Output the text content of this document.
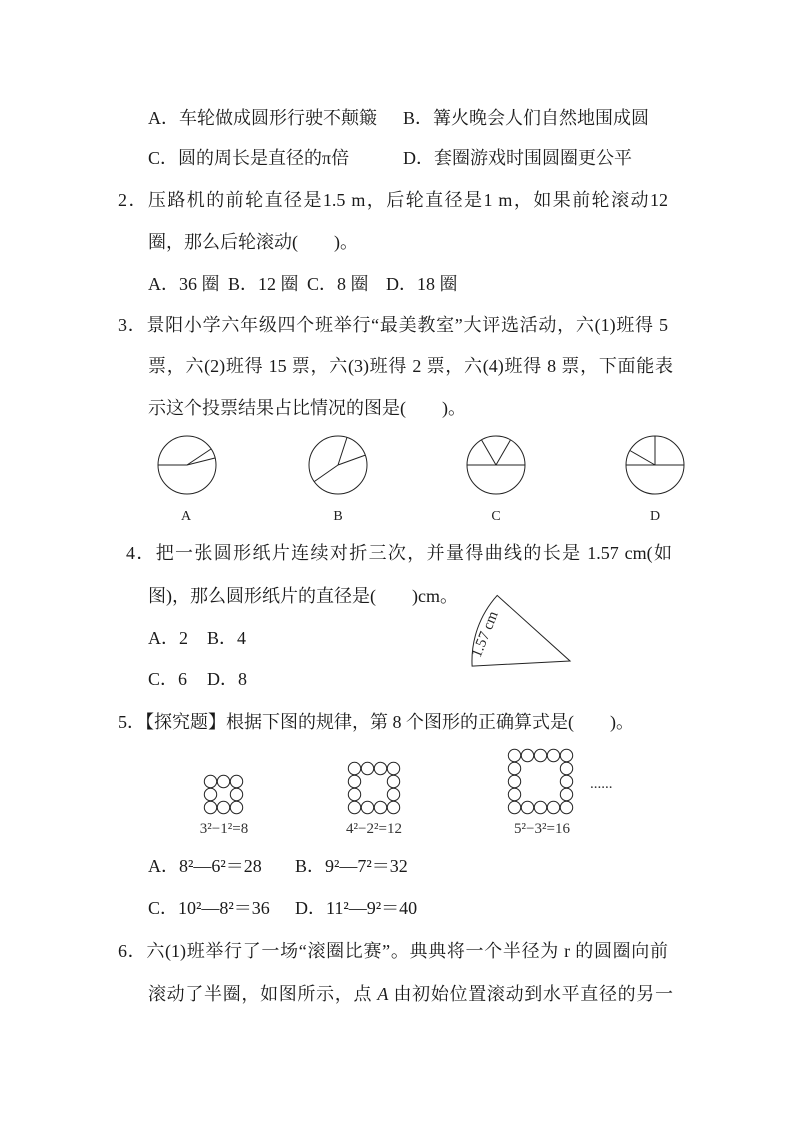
A．车轮做成圆形行驶不颠簸 B．篝火晚会人们自然地围成圆
C．圆的周长是直径的π倍	D．套圈游戏时围圆圈更公平
2．压路机的前轮直径是1.5 m，后轮直径是1 m，如果前轮滚动12
圈，那么后轮滚动(　　)。
A．36 圈 B．12 圈 C．8 圈 D．18 圈
3．景阳小学六年级四个班举行“最美教室”大评选活动，六(1)班得 5
票，六(2)班得 15 票，六(3)班得 2 票，六(4)班得 8 票，下面能表
示这个投票结果占比情况的图是(　　)。
4．把一张圆形纸片连续对折三次，并量得曲线的长是 1.57 cm(如
图)，那么圆形纸片的直径是(　　)cm。
A．2 B．4
C．6 D．8
5．【探究题】根据下图的规律，第 8 个图形的正确算式是(　　)。
3²−1²=8	4²−2²=12	5²−3²=16
......
A．8²—6²＝28 B．9²—7²＝32
C．10²—8²＝36 D．11²—9²＝40
6．六(1)班举行了一场“滚圈比赛”。典典将一个半径为 r 的圆圈向前
滚动了半圈，如图所示，点 A 由初始位置滚动到水平直径的另一
A	B	C	D
1.57 cm
